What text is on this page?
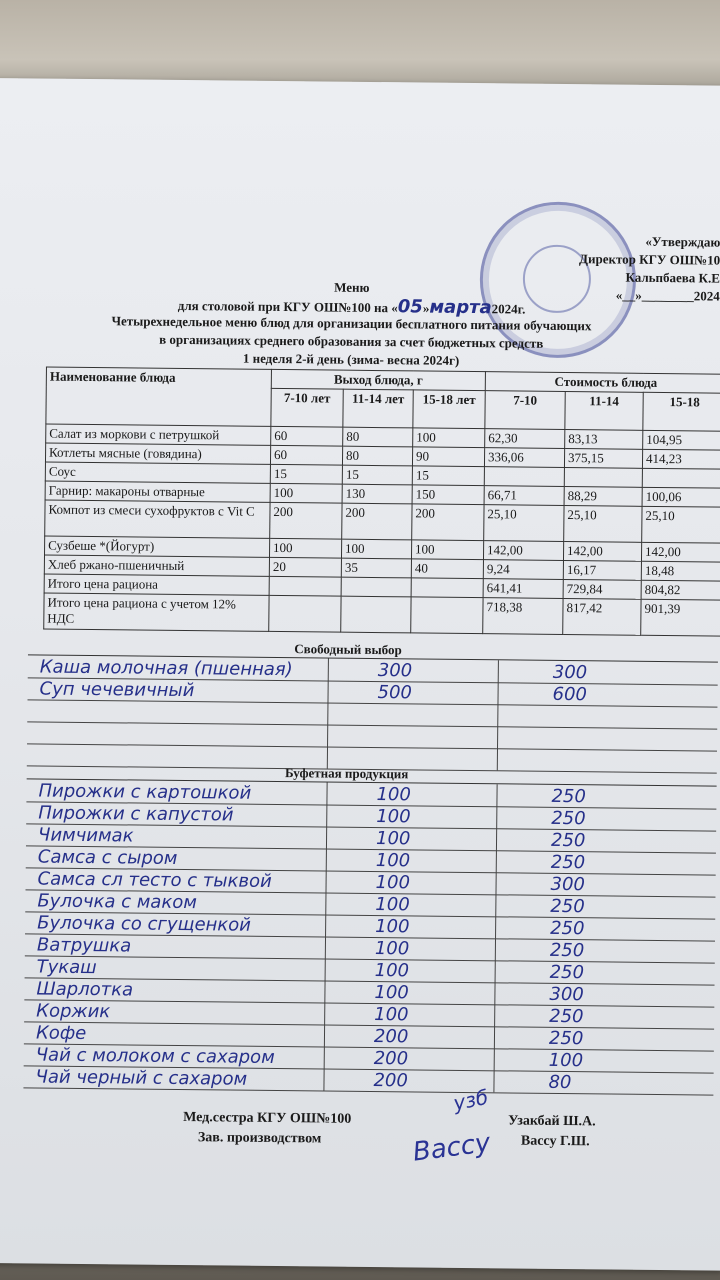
«Утверждаю
Директор КГУ ОШ№10
Кальпбаева К.Е
«__»________2024
Меню
для столовой при КГУ ОШ№100 на «05»марта2024г.
Четырехнедельное меню блюд для организации бесплатного питания обучающих
в организациях среднего образования за счет бюджетных средств
1 неделя 2-й день (зима- весна 2024г)
Наименование блюда	Выход блюда, г			Стоимость блюда		
	7-10 лет	11-14 лет	15-18 лет	7-10	11-14	15-18
Салат из моркови с петрушкой	60	80	100	62,30	83,13	104,95
Котлеты мясные (говядина)	60	80	90	336,06	375,15	414,23
Соус	15	15	15			
Гарнир: макароны отварные	100	130	150	66,71	88,29	100,06
Компот из смеси сухофруктов с Vit C	200	200	200	25,10	25,10	25,10
Сузбеше *(Йогурт)	100	100	100	142,00	142,00	142,00
Хлеб ржано-пшеничный	20	35	40	9,24	16,17	18,48
Итого цена рациона				641,41	729,84	804,82
Итого цена рациона с учетом 12% НДС				718,38	817,42	901,39
Свободный выбор
Каша молочная (пшенная)	300	300
Суп чечевичный	500	600
Буфетная продукция
Пирожки с картошкой	100	250
Пирожки с капустой	100	250
Чимчимак	100	250
Самса с сыром	100	250
Самса сл тесто с тыквой	100	300
Булочка с маком	100	250
Булочка со сгущенкой	100	250
Ватрушка	100	250
Тукаш	100	250
Шарлотка	100	300
Коржик	100	250
Кофе	200	250
Чай с молоком с сахаром	200	100
Чай черный с сахаром	200	80
Мед.сестра КГУ ОШ№100	Узакбай Ш.А.
Зав. производством	Вассу Г.Ш.
узб
Вассу
